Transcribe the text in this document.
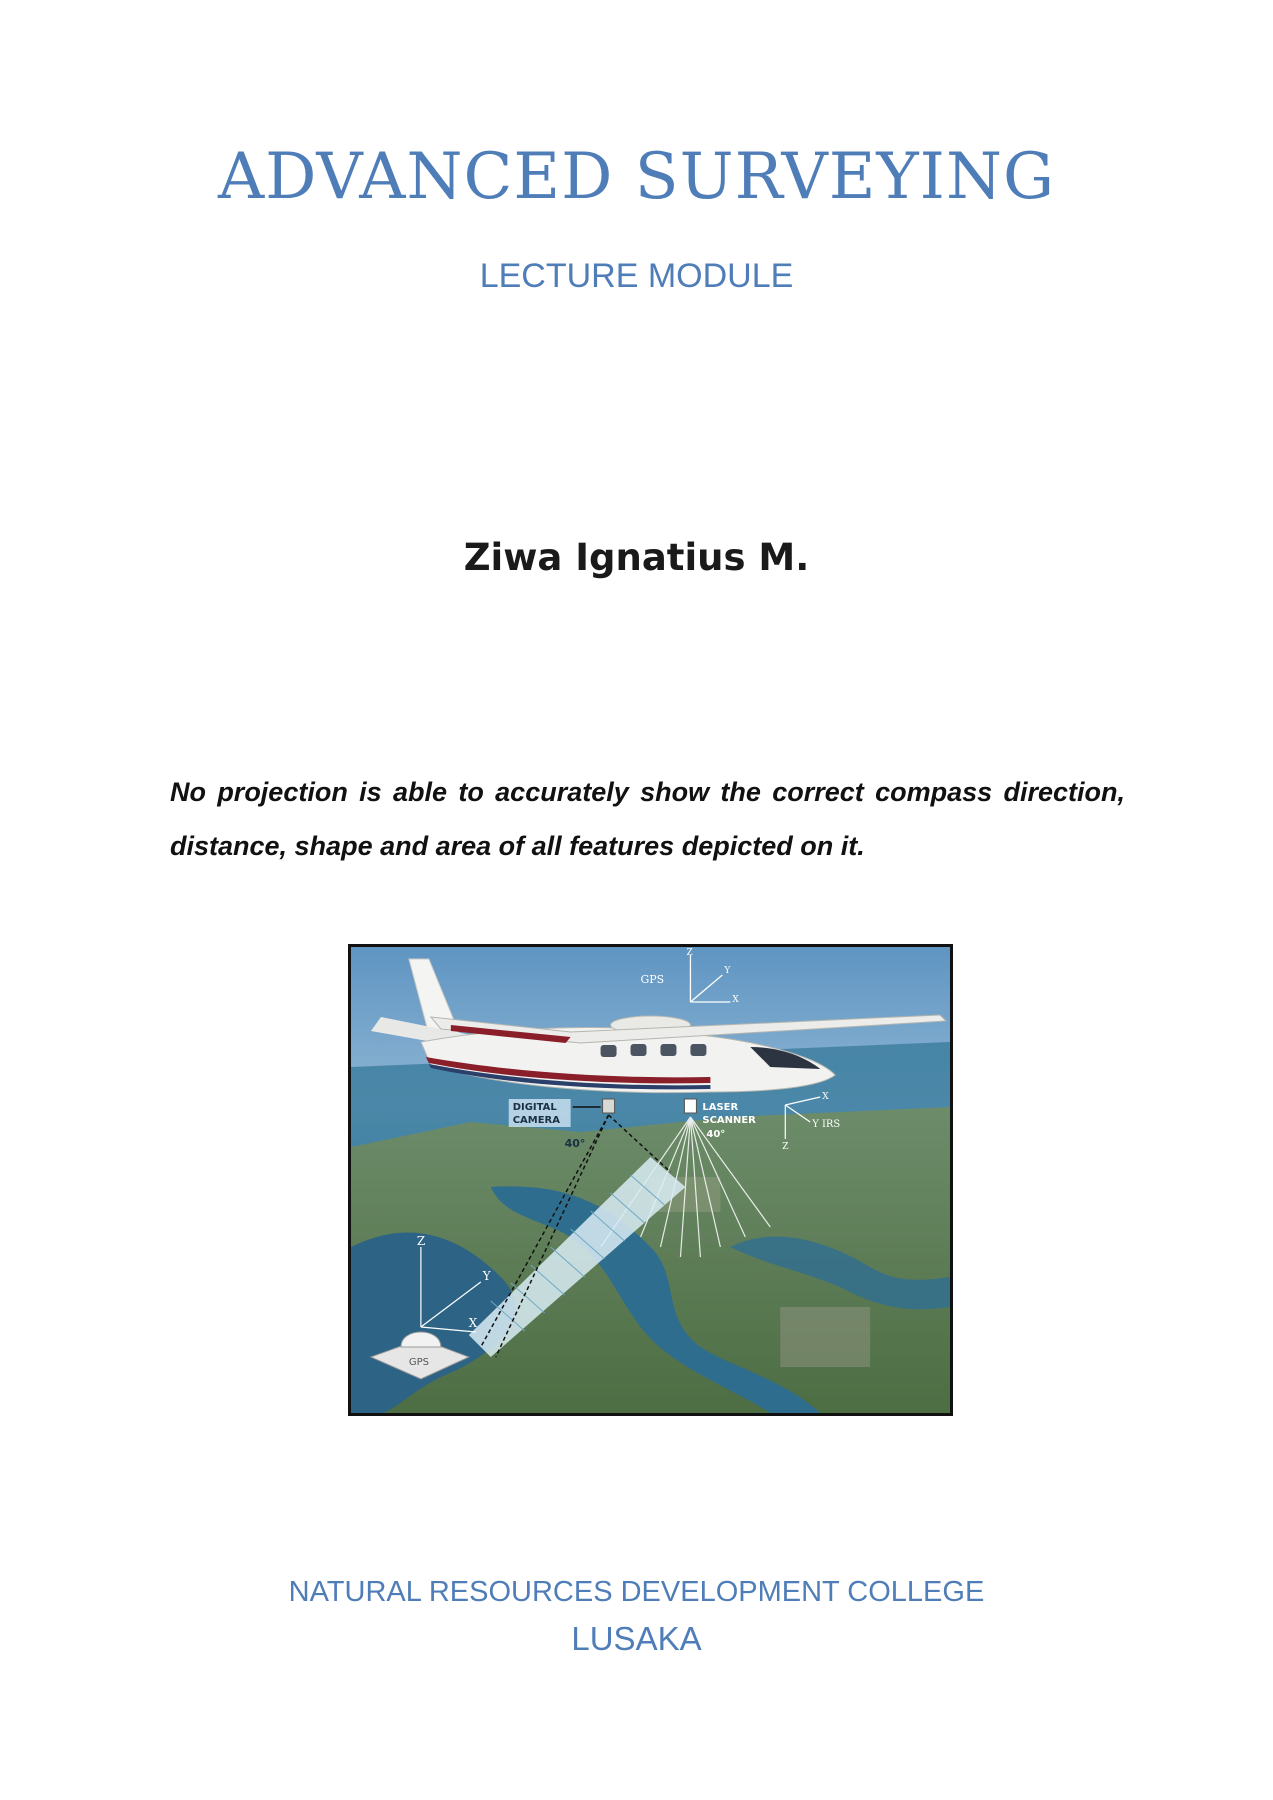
ADVANCED SURVEYING
LECTURE MODULE
Ziwa Ignatius M.
No projection is able to accurately show the correct compass direction, distance, shape and area of all features depicted on it.
GPS
Z
Y
X
DIGITAL
CAMERA
40°
LASER
SCANNER
40°
X
Y IRS
Z
GPS
Z
Y
X
NATURAL RESOURCES DEVELOPMENT COLLEGE
LUSAKA
